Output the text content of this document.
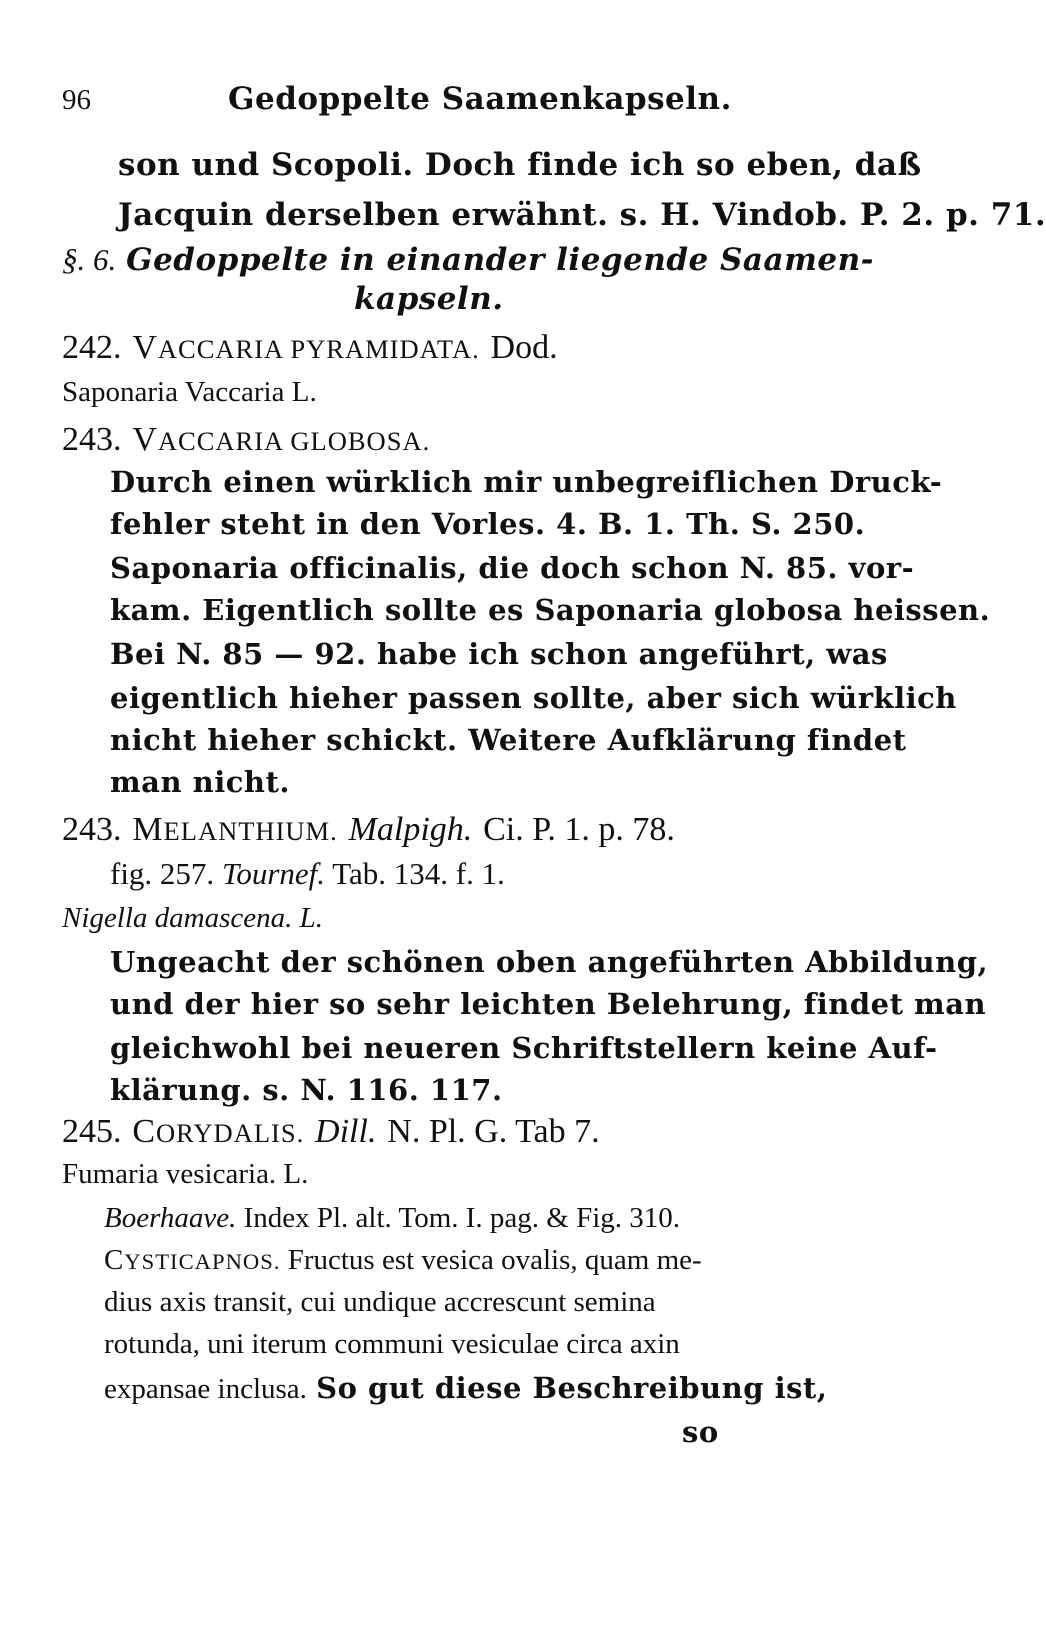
96	Gedoppelte Saamenkapseln.
son und Scopoli. Doch finde ich so eben, daß
Jacquin derselben erwähnt. s. H. Vindob. P. 2. p. 71.
§. 6. Gedoppelte in einander liegende Saamen-
kapseln.
242. VACCARIA PYRAMIDATA. Dod.
Saponaria Vaccaria L.
243. VACCARIA GLOBOSA.
Durch einen würklich mir unbegreiflichen Druck-
fehler steht in den Vorles. 4. B. 1. Th. S. 250.
Saponaria officinalis, die doch schon N. 85. vor-
kam. Eigentlich sollte es Saponaria globosa heissen.
Bei N. 85 — 92. habe ich schon angeführt, was
eigentlich hieher passen sollte, aber sich würklich
nicht hieher schickt. Weitere Aufklärung findet
man nicht.
243. MELANTHIUM. Malpigh. Ci. P. 1. p. 78.
fig. 257. Tournef. Tab. 134. f. 1.
Nigella damascena. L.
Ungeacht der schönen oben angeführten Abbildung,
und der hier so sehr leichten Belehrung, findet man
gleichwohl bei neueren Schriftstellern keine Auf-
klärung. s. N. 116. 117.
245. CORYDALIS. Dill. N. Pl. G. Tab 7.
Fumaria vesicaria. L.
Boerhaave. Index Pl. alt. Tom. I. pag. & Fig. 310.
CYSTICAPNOS. Fructus est vesica ovalis, quam me-
dius axis transit, cui undique accrescunt semina
rotunda, uni iterum communi vesiculae circa axin
expansae inclusa. So gut diese Beschreibung ist,
so
